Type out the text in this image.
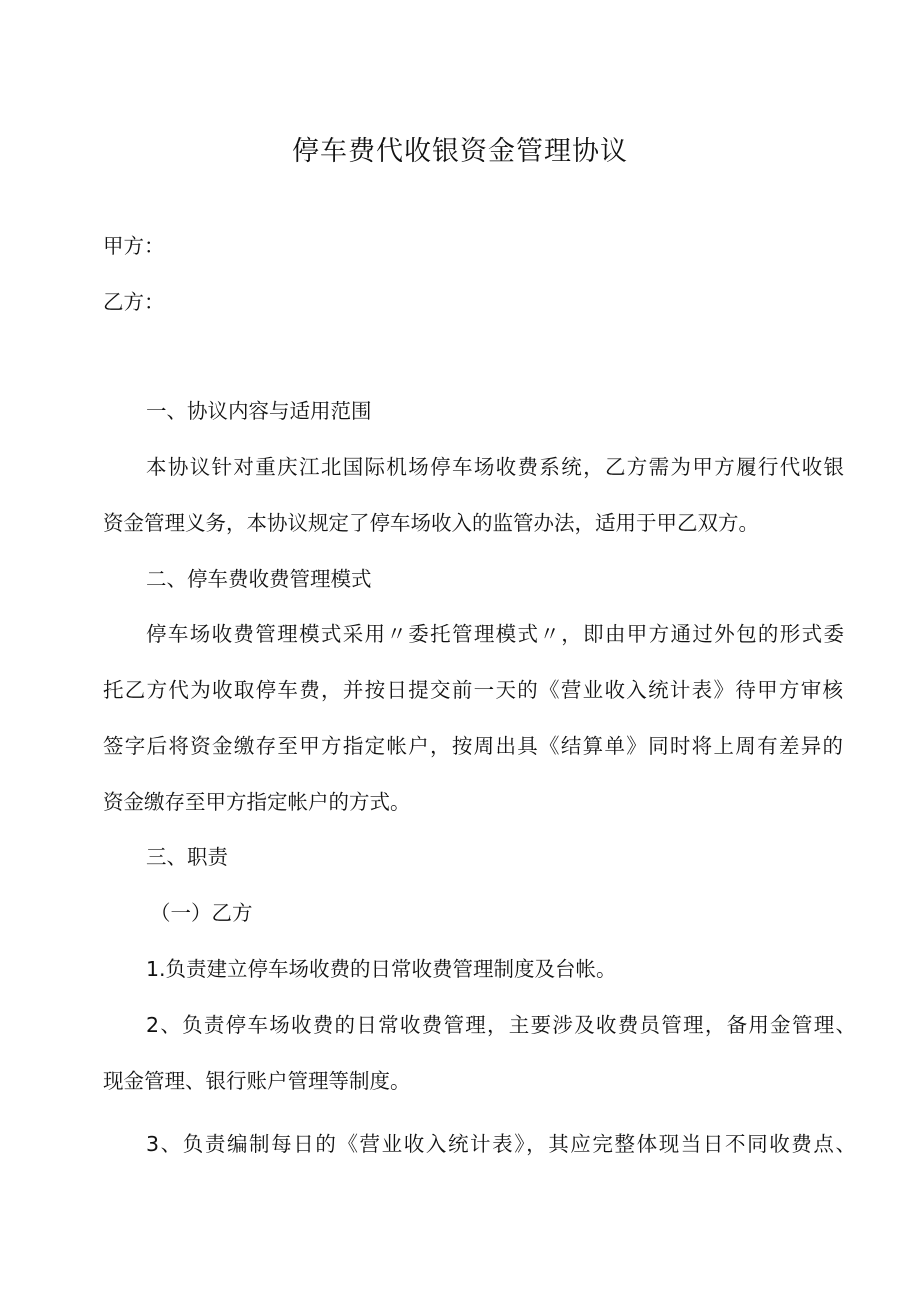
停车费代收银资金管理协议
甲方：
乙方：
一、协议内容与适用范围
本协议针对重庆江北国际机场停车场收费系统，乙方需为甲方履行代收银
资金管理义务，本协议规定了停车场收入的监管办法，适用于甲乙双方。
二、停车费收费管理模式
停车场收费管理模式采用〃委托管理模式〃，即由甲方通过外包的形式委
托乙方代为收取停车费，并按日提交前一天的《营业收入统计表》待甲方审核
签字后将资金缴存至甲方指定帐户，按周出具《结算单》同时将上周有差异的
资金缴存至甲方指定帐户的方式。
三、职责
（一）乙方
1.负责建立停车场收费的日常收费管理制度及台帐。
2、负责停车场收费的日常收费管理，主要涉及收费员管理，备用金管理、
现金管理、银行账户管理等制度。
3、负责编制每日的《营业收入统计表》，其应完整体现当日不同收费点、
